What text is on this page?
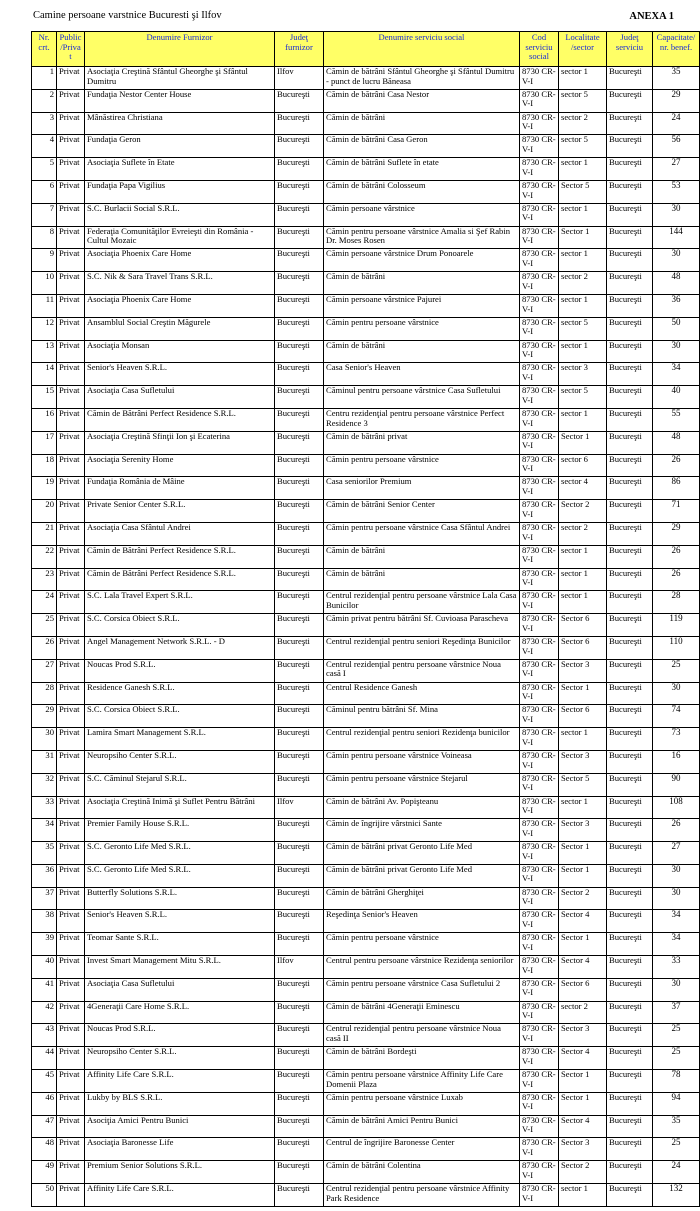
Camine persoane varstnice Bucuresti şi Ilfov	ANEXA 1
Nr. crt.	Public /Priva t	Denumire Furnizor	Judeţ furnizor	Denumire serviciu social	Cod serviciu social	Localitate /sector	Judeţ serviciu	Capacitate/ nr. benef.
1	Privat	Asociaţia Creştină Sfântul Gheorghe şi Sfântul Dumitru	Ilfov	Cămin de bătrâni Sfântul Gheorghe şi Sfântul Dumitru - punct de lucru Băneasa	8730 CR-V-I	sector 1	Bucureşti	35
2	Privat	Fundaţia Nestor Center House	Bucureşti	Cămin de bătrâni Casa Nestor	8730 CR-V-I	sector 5	Bucureşti	29
3	Privat	Mânăstirea Christiana	Bucureşti	Cămin de bătrâni	8730 CR-V-I	sector 2	Bucureşti	24
4	Privat	Fundaţia Geron	Bucureşti	Cămin de bătrâni Casa Geron	8730 CR-V-I	sector 5	Bucureşti	56
5	Privat	Asociaţia Suflete în Etate	Bucureşti	Cămin de bătrâni Suflete în etate	8730 CR-V-I	sector 1	Bucureşti	27
6	Privat	Fundaţia Papa Vigilius	Bucureşti	Cămin de bătrâni Colosseum	8730 CR-V-I	Sector 5	Bucureşti	53
7	Privat	S.C. Burlacii Social S.R.L.	Bucureşti	Cămin persoane vârstnice	8730 CR-V-I	sector 1	Bucureşti	30
8	Privat	Federaţia Comunităţilor Evreieşti din România - Cultul Mozaic	Bucureşti	Cămin pentru persoane vârstnice Amalia si Şef Rabin Dr. Moses Rosen	8730 CR-V-I	Sector 1	Bucureşti	144
9	Privat	Asociaţia Phoenix Care Home	Bucureşti	Cămin persoane vârstnice Drum Ponoarele	8730 CR-V-I	sector 1	Bucureşti	30
10	Privat	S.C. Nik & Sara Travel Trans S.R.L.	Bucureşti	Cămin de bătrâni	8730 CR-V-I	sector 2	Bucureşti	48
11	Privat	Asociaţia Phoenix Care Home	Bucureşti	Cămin persoane vârstnice Pajurei	8730 CR-V-I	sector 1	Bucureşti	36
12	Privat	Ansamblul Social Creştin Măgurele	Bucureşti	Cămin pentru persoane vârstnice	8730 CR-V-I	sector 5	Bucureşti	50
13	Privat	Asociaţia Monsan	Bucureşti	Cămin de bătrâni	8730 CR-V-I	sector 1	Bucureşti	30
14	Privat	Senior's Heaven S.R.L.	Bucureşti	Casa Senior's Heaven	8730 CR-V-I	sector 3	Bucureşti	34
15	Privat	Asociaţia Casa Sufletului	Bucureşti	Căminul pentru persoane vârstnice Casa Sufletului	8730 CR-V-I	sector 5	Bucureşti	40
16	Privat	Cămin de Bătrâni Perfect Residence S.R.L.	Bucureşti	Centru rezidenţial pentru persoane vârstnice Perfect Residence 3	8730 CR-V-I	sector 1	Bucureşti	55
17	Privat	Asociaţia Creştină Sfinţii Ion şi Ecaterina	Bucureşti	Cămin de bătrâni privat	8730 CR-V-I	Sector 1	Bucureşti	48
18	Privat	Asociaţia Serenity Home	Bucureşti	Cămin pentru persoane vârstnice	8730 CR-V-I	sector 6	Bucureşti	26
19	Privat	Fundaţia România de Mâine	Bucureşti	Casa seniorilor Premium	8730 CR-V-I	sector 4	Bucureşti	86
20	Privat	Private Senior Center S.R.L.	Bucureşti	Cămin de bătrâni Senior Center	8730 CR-V-I	Sector 2	Bucureşti	71
21	Privat	Asociaţia Casa Sfântul Andrei	Bucureşti	Cămin pentru persoane vârstnice Casa Sfântul Andrei	8730 CR-V-I	sector 2	Bucureşti	29
22	Privat	Cămin de Bătrâni Perfect Residence S.R.L.	Bucureşti	Cămin de bătrâni	8730 CR-V-I	sector 1	Bucureşti	26
23	Privat	Cămin de Bătrâni Perfect Residence S.R.L.	Bucureşti	Cămin de bătrâni	8730 CR-V-I	sector 1	Bucureşti	26
24	Privat	S.C. Lala Travel Expert S.R.L.	Bucureşti	Centrul rezidenţial pentru persoane vârstnice Lala Casa Bunicilor	8730 CR-V-I	sector 1	Bucureşti	28
25	Privat	S.C. Corsica Obiect S.R.L.	Bucureşti	Cămin privat pentru bătrâni Sf. Cuvioasa Parascheva	8730 CR-V-I	Sector 6	Bucureşti	119
26	Privat	Angel Management Network S.R.L. - D	Bucureşti	Centrul rezidenţial pentru seniori Reşedinţa Bunicilor	8730 CR-V-I	Sector 6	Bucureşti	110
27	Privat	Noucas Prod S.R.L.	Bucureşti	Centrul rezidenţial pentru persoane vârstnice Noua casă I	8730 CR-V-I	Sector 3	Bucureşti	25
28	Privat	Residence Ganesh S.R.L.	Bucureşti	Centrul Residence Ganesh	8730 CR-V-I	Sector 1	Bucureşti	30
29	Privat	S.C. Corsica Obiect S.R.L.	Bucureşti	Căminul pentru bătrâni Sf. Mina	8730 CR-V-I	Sector 6	Bucureşti	74
30	Privat	Lamira Smart Management S.R.L.	Bucureşti	Centrul rezidenţial pentru seniori Rezidenţa bunicilor	8730 CR-V-I	sector 1	Bucureşti	73
31	Privat	Neuropsiho Center S.R.L.	Bucureşti	Cămin pentru persoane vârstnice Voineasa	8730 CR-V-I	Sector 3	Bucureşti	16
32	Privat	S.C. Căminul Stejarul S.R.L.	Bucureşti	Cămin pentru persoane vârstnice Stejarul	8730 CR-V-I	Sector 5	Bucureşti	90
33	Privat	Asociaţia Creştină Inimă şi Suflet Pentru Bătrâni	Ilfov	Cămin de bătrâni Av. Popişteanu	8730 CR-V-I	sector 1	Bucureşti	108
34	Privat	Premier Family House S.R.L.	Bucureşti	Cămin de îngrijire vârstnici Sante	8730 CR-V-I	Sector 3	Bucureşti	26
35	Privat	S.C. Geronto Life Med S.R.L.	Bucureşti	Cămin de bătrâni privat Geronto Life Med	8730 CR-V-I	Sector 1	Bucureşti	27
36	Privat	S.C. Geronto Life Med S.R.L.	Bucureşti	Cămin de bătrâni privat Geronto Life Med	8730 CR-V-I	Sector 1	Bucureşti	30
37	Privat	Butterfly Solutions S.R.L.	Bucureşti	Cămin de bătrâni Gherghiţei	8730 CR-V-I	Sector 2	Bucureşti	30
38	Privat	Senior's Heaven S.R.L.	Bucureşti	Reşedinţa Senior's Heaven	8730 CR-V-I	Sector 4	Bucureşti	34
39	Privat	Teomar Sante S.R.L.	Bucureşti	Cămin pentru persoane vârstnice	8730 CR-V-I	Sector 1	Bucureşti	34
40	Privat	Invest Smart Management Mitu S.R.L.	Ilfov	Centrul pentru persoane vârstnice Rezidenţa seniorilor	8730 CR-V-I	Sector 4	Bucureşti	33
41	Privat	Asociaţia Casa Sufletului	Bucureşti	Cămin pentru persoane vârstnice Casa Sufletului 2	8730 CR-V-I	Sector 6	Bucureşti	30
42	Privat	4Generaţii Care Home S.R.L.	Bucureşti	Cămin de bătrâni 4Generaţii Eminescu	8730 CR-V-I	sector 2	Bucureşti	37
43	Privat	Noucas Prod S.R.L.	Bucureşti	Centrul rezidenţial pentru persoane vârstnice Noua casă II	8730 CR-V-I	Sector 3	Bucureşti	25
44	Privat	Neuropsiho Center S.R.L.	Bucureşti	Cămin de bătrâni Bordeşti	8730 CR-V-I	Sector 4	Bucureşti	25
45	Privat	Affinity Life Care S.R.L.	Bucureşti	Cămin pentru persoane vârstnice Affinity Life Care Domenii Plaza	8730 CR-V-I	Sector 1	Bucureşti	78
46	Privat	Lukby by BLS S.R.L.	Bucureşti	Cămin pentru persoane vârstnice Luxab	8730 CR-V-I	Sector 1	Bucureşti	94
47	Privat	Asociţia Amici Pentru Bunici	Bucureşti	Cămin de bătrâni Amici Pentru Bunici	8730 CR-V-I	Sector 4	Bucureşti	35
48	Privat	Asociaţia Baronesse Life	Bucureşti	Centrul de îngrijire Baronesse Center	8730 CR-V-I	Sector 3	Bucureşti	25
49	Privat	Premium Senior Solutions S.R.L.	Bucureşti	Cămin de bătrâni Colentina	8730 CR-V-I	Sector 2	Bucureşti	24
50	Privat	Affinity Life Care S.R.L.	Bucureşti	Centrul rezidenţial pentru persoane vârstnice Affinity Park Residence	8730 CR-V-I	sector 1	Bucureşti	132
